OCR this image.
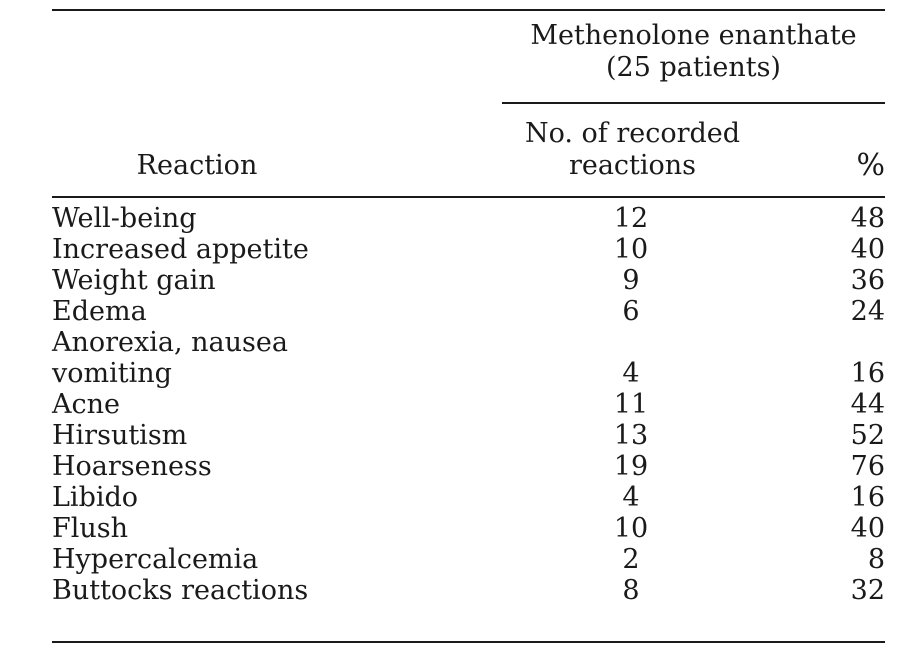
Methenolone enanthate
(25 patients)
No. of recorded
reactions
Reaction	%
Well-being	12	48
Increased appetite	10	40
Weight gain	9	36
Edema	6	24
Anorexia, nausea
vomiting	4	16
Acne	11	44
Hirsutism	13	52
Hoarseness	19	76
Libido	4	16
Flush	10	40
Hypercalcemia	2	8
Buttocks reactions	8	32
